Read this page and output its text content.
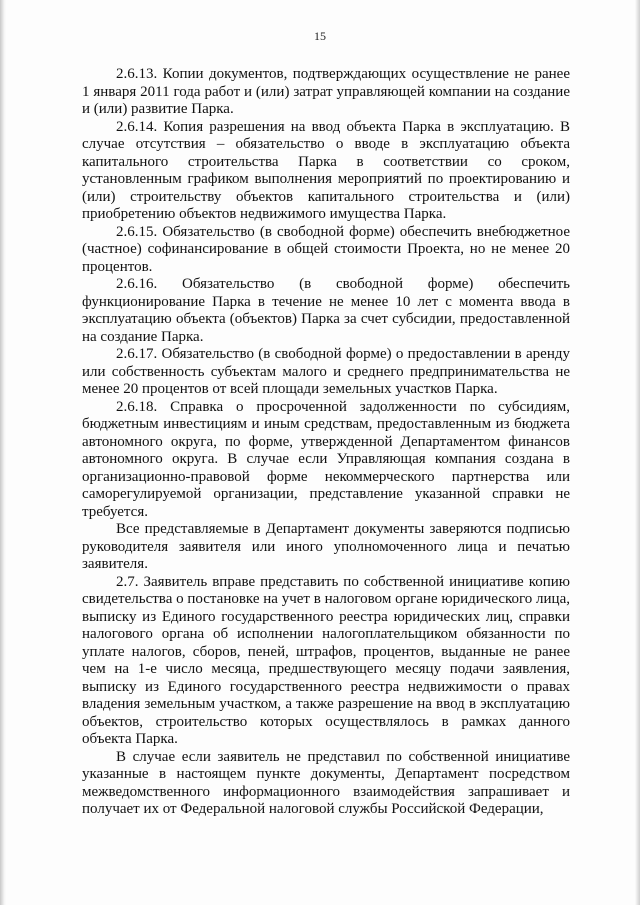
15

2.6.13. Копии документов, подтверждающих осуществление не ранее 1 января 2011 года работ и (или) затрат управляющей компании на создание и (или) развитие Парка.

2.6.14. Копия разрешения на ввод объекта Парка в эксплуатацию. В случае отсутствия – обязательство о вводе в эксплуатацию объекта капитального строительства Парка в соответствии со сроком, установленным графиком выполнения мероприятий по проектированию и (или) строительству объектов капитального строительства и (или) приобретению объектов недвижимого имущества Парка.

2.6.15. Обязательство (в свободной форме) обеспечить внебюджетное (частное) софинансирование в общей стоимости Проекта, но не менее 20 процентов.

2.6.16. Обязательство (в свободной форме) обеспечить функционирование Парка в течение не менее 10 лет с момента ввода в эксплуатацию объекта (объектов) Парка за счет субсидии, предоставленной на создание Парка.

2.6.17. Обязательство (в свободной форме) о предоставлении в аренду или собственность субъектам малого и среднего предпринимательства не менее 20 процентов от всей площади земельных участков Парка.

2.6.18. Справка о просроченной задолженности по субсидиям, бюджетным инвестициям и иным средствам, предоставленным из бюджета автономного округа, по форме, утвержденной Департаментом финансов автономного округа. В случае если Управляющая компания создана в организационно-правовой форме некоммерческого партнерства или саморегулируемой организации, представление указанной справки не требуется.

Все представляемые в Департамент документы заверяются подписью руководителя заявителя или иного уполномоченного лица и печатью заявителя.

2.7. Заявитель вправе представить по собственной инициативе копию свидетельства о постановке на учет в налоговом органе юридического лица, выписку из Единого государственного реестра юридических лиц, справки налогового органа об исполнении налогоплательщиком обязанности по уплате налогов, сборов, пеней, штрафов, процентов, выданные не ранее чем на 1-е число месяца, предшествующего месяцу подачи заявления, выписку из Единого государственного реестра недвижимости о правах владения земельным участком, а также разрешение на ввод в эксплуатацию объектов, строительство которых осуществлялось в рамках данного объекта Парка.

В случае если заявитель не представил по собственной инициативе указанные в настоящем пункте документы, Департамент посредством межведомственного информационного взаимодействия запрашивает и получает их от Федеральной налоговой службы Российской Федерации,
